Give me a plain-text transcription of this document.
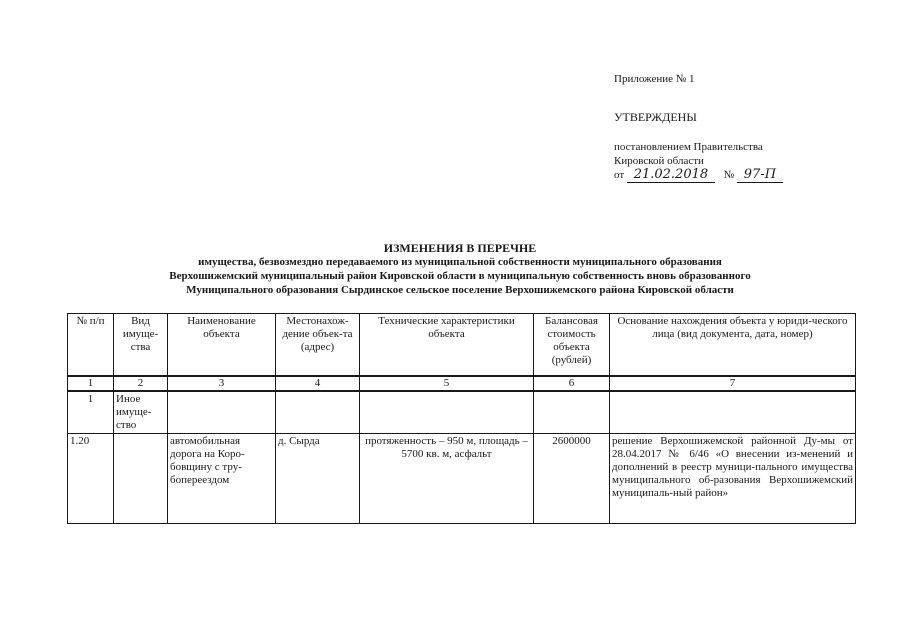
Приложение № 1
УТВЕРЖДЕНЫ
постановлением Правительства
Кировской области
от 21.02.2018 № 97-П
ИЗМЕНЕНИЯ В ПЕРЕЧНЕ
имущества, безвозмездно передаваемого из муниципальной собственности муниципального образования
Верхошижемский муниципальный район Кировской области в муниципальную собственность вновь образованного
Муниципального образования Сырдинское сельское поселение Верхошижемского района Кировской области
№ п/п	Вид имуще-ства	Наименование объекта	Местонахож-дение объек-та (адрес)	Технические характеристики объекта	Балансовая стоимость объекта (рублей)	Основание нахождения объекта у юриди-ческого лица (вид документа, дата, номер)
1	2	3	4	5	6	7
1	Иное имуще-ство					
1.20		автомобильная дорога на Коро-бовщину с тру-бопереездом	д. Сырда	протяженность – 950 м, площадь – 5700 кв. м, асфальт	2600000	решение Верхошижемской районной Ду-мы от 28.04.2017 № 6/46 «О внесении из-менений и дополнений в реестр муници-пального имущества муниципального об-разования Верхошижемский муниципаль-ный район»
